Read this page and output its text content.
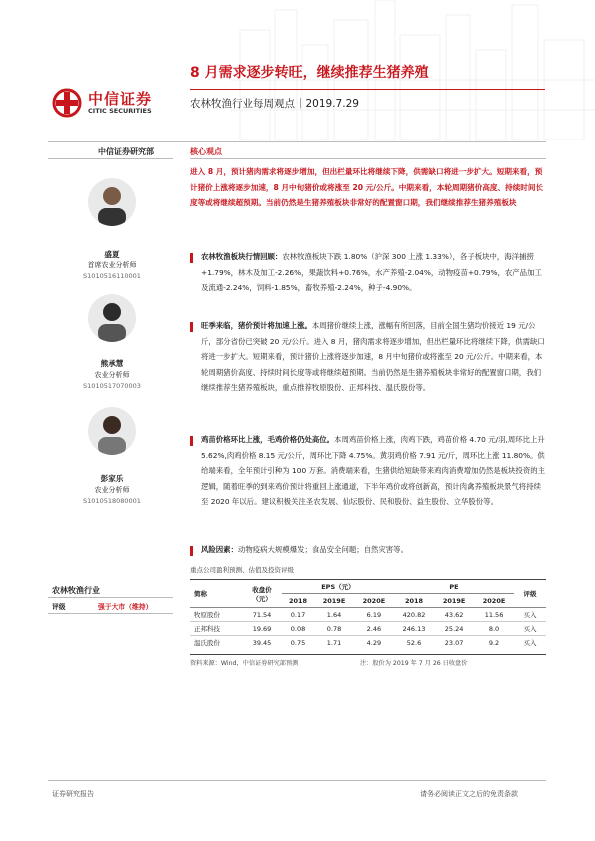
中信证券
CITIC SECURITIES
8 月需求逐步转旺，继续推荐生猪养殖
农林牧渔行业每周观点｜2019.7.29
中信证券研究部	核心观点
进入 8 月，预计猪肉需求将逐步增加，但出栏量环比将继续下降，供需缺口将进一步扩大。短期来看，预计猪价上涨将逐步加速，8 月中旬猪价或将涨至 20 元/公斤。中期来看，本轮周期猪价高度、持续时间长度等或将继续超预期。当前仍然是生猪养殖板块非常好的配置窗口期，我们继续推荐生猪养殖板块
盛夏
首席农业分析师
S1010516110001
熊承慧
农业分析师
S1010517070003
彭家乐
农业分析师
S1010518080001
农林牧渔板块行情回顾：农林牧渔板块下跌 1.80%（沪深 300 上涨 1.33%），各子板块中，海洋捕捞+1.79%，林木及加工-2.26%，果蔬饮料+0.76%，水产养殖-2.04%，动物疫苗+0.79%，农产品加工及流通-2.24%，饲料-1.85%，畜牧养殖-2.24%，种子-4.90%。
旺季来临，猪价预计将加速上涨。本周猪价继续上涨，涨幅有所回落，目前全国生猪均价接近 19 元/公斤，部分省份已突破 20 元/公斤。进入 8 月，猪肉需求将逐步增加，但出栏量环比将继续下降，供需缺口将进一步扩大。短期来看，预计猪价上涨将逐步加速，8 月中旬猪价或将涨至 20 元/公斤。中期来看，本轮周期猪价高度、持续时间长度等或将继续超预期。当前仍然是生猪养殖板块非常好的配置窗口期，我们继续推荐生猪养殖板块，重点推荐牧原股份、正邦科技、温氏股份等。
鸡苗价格环比上涨，毛鸡价格仍处高位。本周鸡苗价格上涨，肉鸡下跌，鸡苗价格 4.70 元/羽,周环比上升 5.62%,肉鸡价格 8.15 元/公斤，周环比下降 4.75%。黄羽鸡价格 7.91 元/斤，周环比上涨 11.80%。供给端来看，全年预计引种为 100 万套。消费端来看，生猪供给短缺带来鸡肉消费增加仍然是板块投资的主逻辑，随着旺季的到来鸡价预计将重回上涨通道，下半年鸡价或将创新高，预计肉禽养殖板块景气将持续至 2020 年以后。建议积极关注圣农发展、仙坛股份、民和股份、益生股份、立华股份等。
风险因素：动物疫病大规模爆发；食品安全问题；自然灾害等。
农林牧渔行业
评级	强于大市（维持）
重点公司盈利预测、估值及投资评级
简称	收盘价
（元）	EPS（元）			PE			评级
		2018	2019E	2020E	2018	2019E	2020E	
牧原股份	71.54	0.17	1.64	6.19	420.82	43.62	11.56	买入
正邦科技	19.69	0.08	0.78	2.46	246.13	25.24	8.0	买入
温氏股份	39.45	0.75	1.71	4.29	52.6	23.07	9.2	买入
资料来源：Wind，中信证券研究部预测	注：股价为 2019 年 7 月 26 日收盘价
证券研究报告	请务必阅读正文之后的免责条款
